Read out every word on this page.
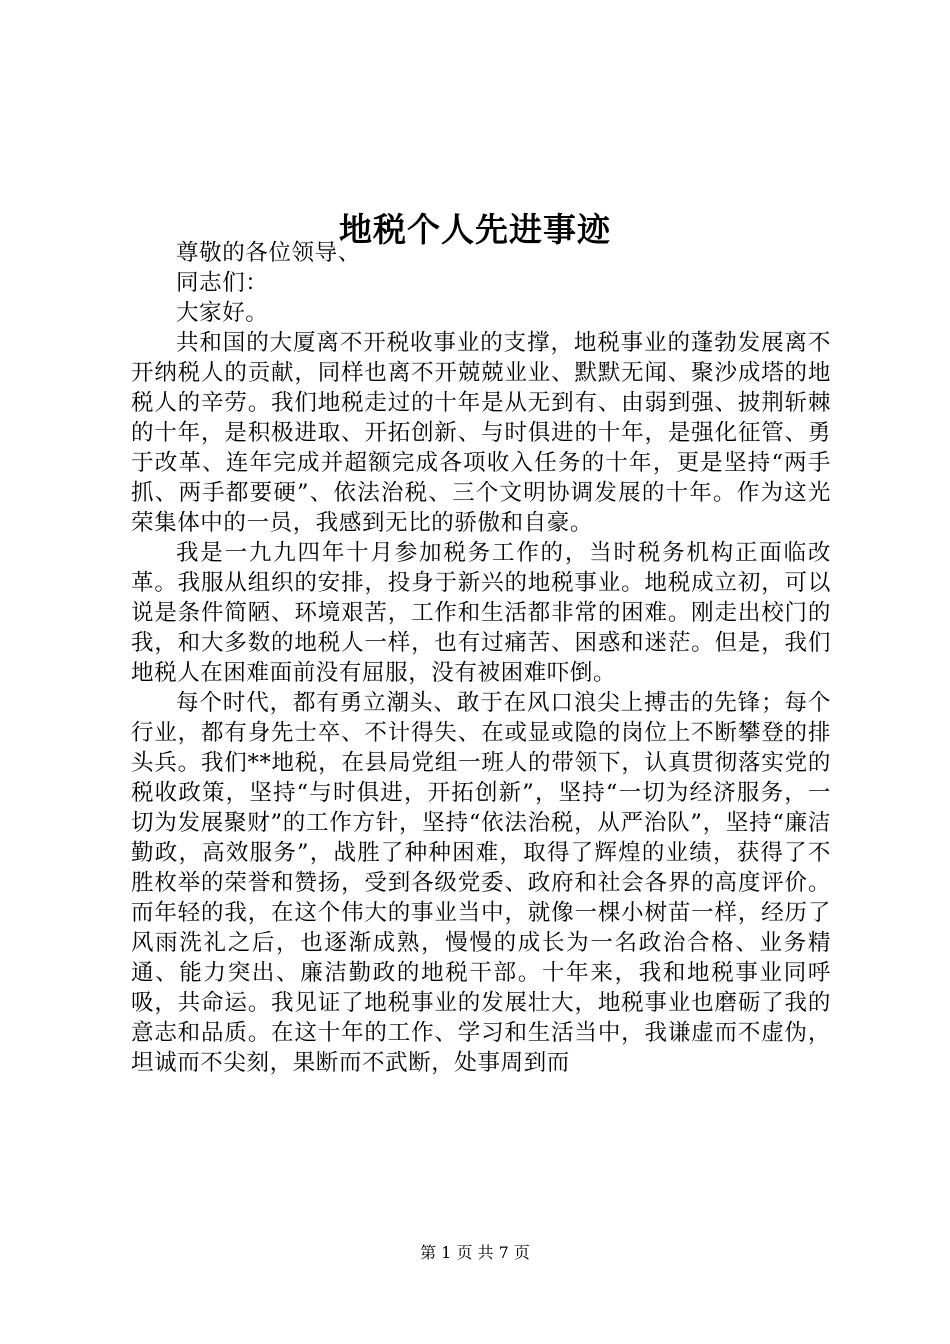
地税个人先进事迹

尊敬的各位领导、

同志们：

大家好。

共和国的大厦离不开税收事业的支撑，地税事业的蓬勃发展离不开纳税人的贡献，同样也离不开兢兢业业、默默无闻、聚沙成塔的地税人的辛劳。我们地税走过的十年是从无到有、由弱到强、披荆斩棘的十年，是积极进取、开拓创新、与时俱进的十年，是强化征管、勇于改革、连年完成并超额完成各项收入任务的十年，更是坚持“两手抓、两手都要硬”、依法治税、三个文明协调发展的十年。作为这光荣集体中的一员，我感到无比的骄傲和自豪。

我是一九九四年十月参加税务工作的，当时税务机构正面临改革。我服从组织的安排，投身于新兴的地税事业。地税成立初，可以说是条件简陋、环境艰苦，工作和生活都非常的困难。刚走出校门的我，和大多数的地税人一样，也有过痛苦、困惑和迷茫。但是，我们地税人在困难面前没有屈服，没有被困难吓倒。

每个时代，都有勇立潮头、敢于在风口浪尖上搏击的先锋；每个行业，都有身先士卒、不计得失、在或显或隐的岗位上不断攀登的排头兵。我们**地税，在县局党组一班人的带领下，认真贯彻落实党的税收政策，坚持“与时俱进，开拓创新”，坚持“一切为经济服务，一切为发展聚财”的工作方针，坚持“依法治税，从严治队”，坚持“廉洁勤政，高效服务”，战胜了种种困难，取得了辉煌的业绩，获得了不胜枚举的荣誉和赞扬，受到各级党委、政府和社会各界的高度评价。而年轻的我，在这个伟大的事业当中，就像一棵小树苗一样，经历了风雨洗礼之后，也逐渐成熟，慢慢的成长为一名政治合格、业务精通、能力突出、廉洁勤政的地税干部。十年来，我和地税事业同呼吸，共命运。我见证了地税事业的发展壮大，地税事业也磨砺了我的意志和品质。在这十年的工作、学习和生活当中，我谦虚而不虚伪，坦诚而不尖刻，果断而不武断，处事周到而

第 1 页 共 7 页
